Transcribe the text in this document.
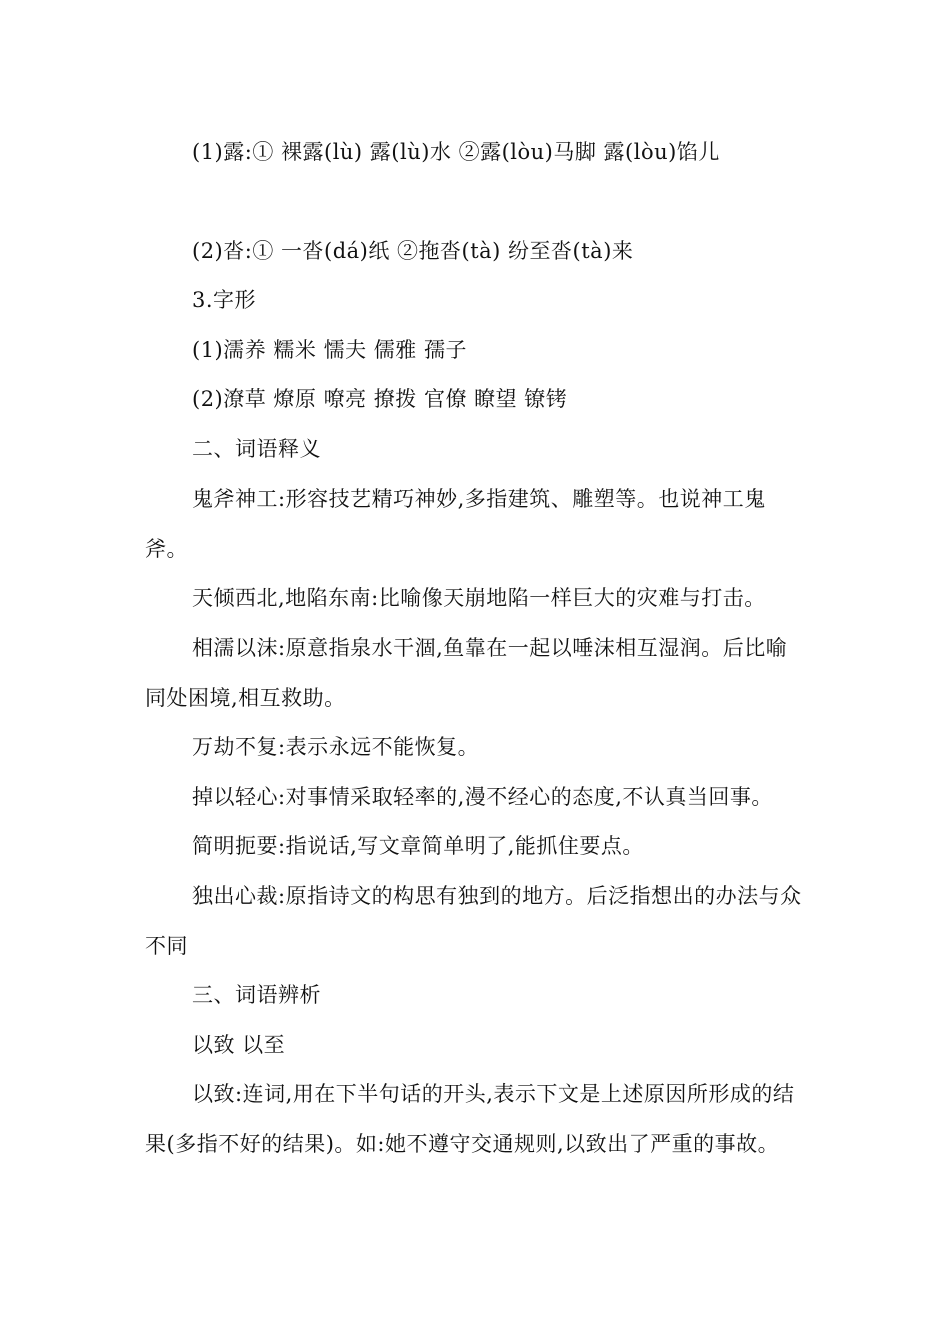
(1)露:① 裸露(lù) 露(lù)水 ②露(lòu)马脚 露(lòu)馅儿

(2)沓:① 一沓(dá)纸 ②拖沓(tà) 纷至沓(tà)来

3.字形

(1)濡养 糯米 懦夫 儒雅 孺子

(2)潦草 燎原 嘹亮 撩拨 官僚 瞭望 镣铐

二、词语释义

鬼斧神工:形容技艺精巧神妙,多指建筑、雕塑等。也说神工鬼斧。

天倾西北,地陷东南:比喻像天崩地陷一样巨大的灾难与打击。

相濡以沫:原意指泉水干涸,鱼靠在一起以唾沫相互湿润。后比喻同处困境,相互救助。

万劫不复:表示永远不能恢复。

掉以轻心:对事情采取轻率的,漫不经心的态度,不认真当回事。

简明扼要:指说话,写文章简单明了,能抓住要点。

独出心裁:原指诗文的构思有独到的地方。后泛指想出的办法与众不同

三、词语辨析

以致 以至

以致:连词,用在下半句话的开头,表示下文是上述原因所形成的结果(多指不好的结果)。如:她不遵守交通规则,以致出了严重的事故。
